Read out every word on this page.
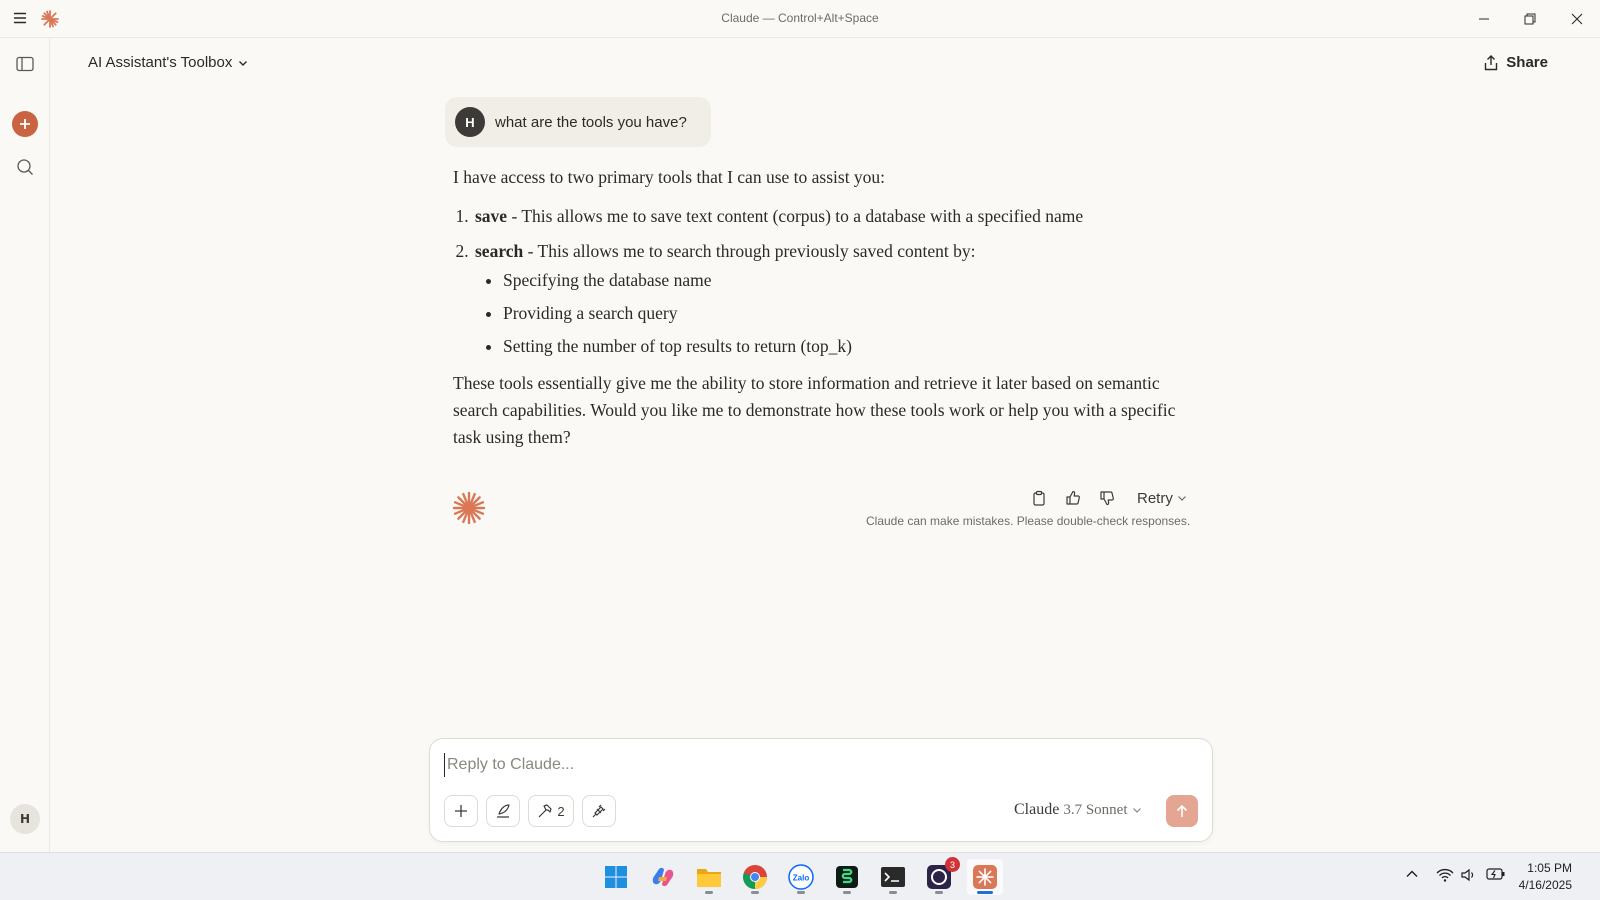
Claude — Control+Alt+Space
H
AI Assistant's Toolbox	Share
H	what are the tools you have?

I have access to two primary tools that I can use to assist you:

1. save - This allows me to save text content (corpus) to a database with a specified name
2. search - This allows me to search through previously saved content by:
• Specifying the database name
• Providing a search query
• Setting the number of top results to return (top_k)

These tools essentially give me the ability to store information and retrieve it later based on semantic search capabilities. Would you like me to demonstrate how these tools work or help you with a specific task using them?

Retry
Claude can make mistakes. Please double-check responses.
Reply to Claude...
2	Claude 3.7 Sonnet
Zalo
3	1:05 PM
4/16/2025
